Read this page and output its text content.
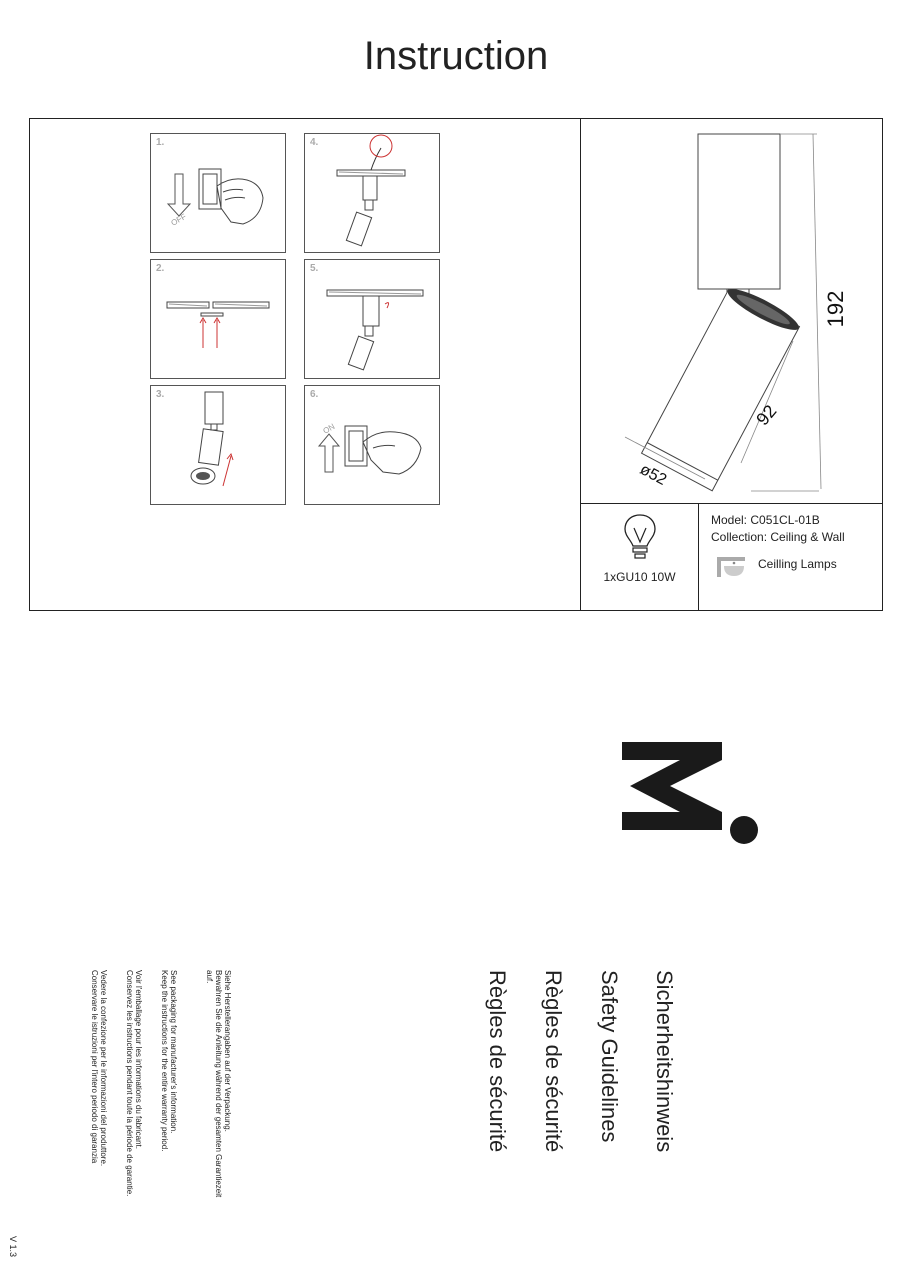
Instruction
1.
OFF
2.
3.
4.
5.
6.
ON
192
92
ø52
1xGU10 10W
Model: C051CL-01B
Collection: Ceiling & Wall
Ceilling Lamps
Sicherheitshinweis
Safety Guidelines
Règles de sécurité
Règles de sécurité
Siehe Herstellerangaben auf der Verpackung.
Bewahren Sie die Anleitung während der gesamten Garantiezeit
auf.
See packaging for manufacturer's information.
Keep the instructions for the entire warranty period.
Voir l'emballage pour les informations du fabricant.
Conservez les instructions pendant toute la période de garantie.
Vedere la confezione per le informazioni del produttore.
Conservare le istruzioni per l'intero periodo di garanzia
V 1.3
